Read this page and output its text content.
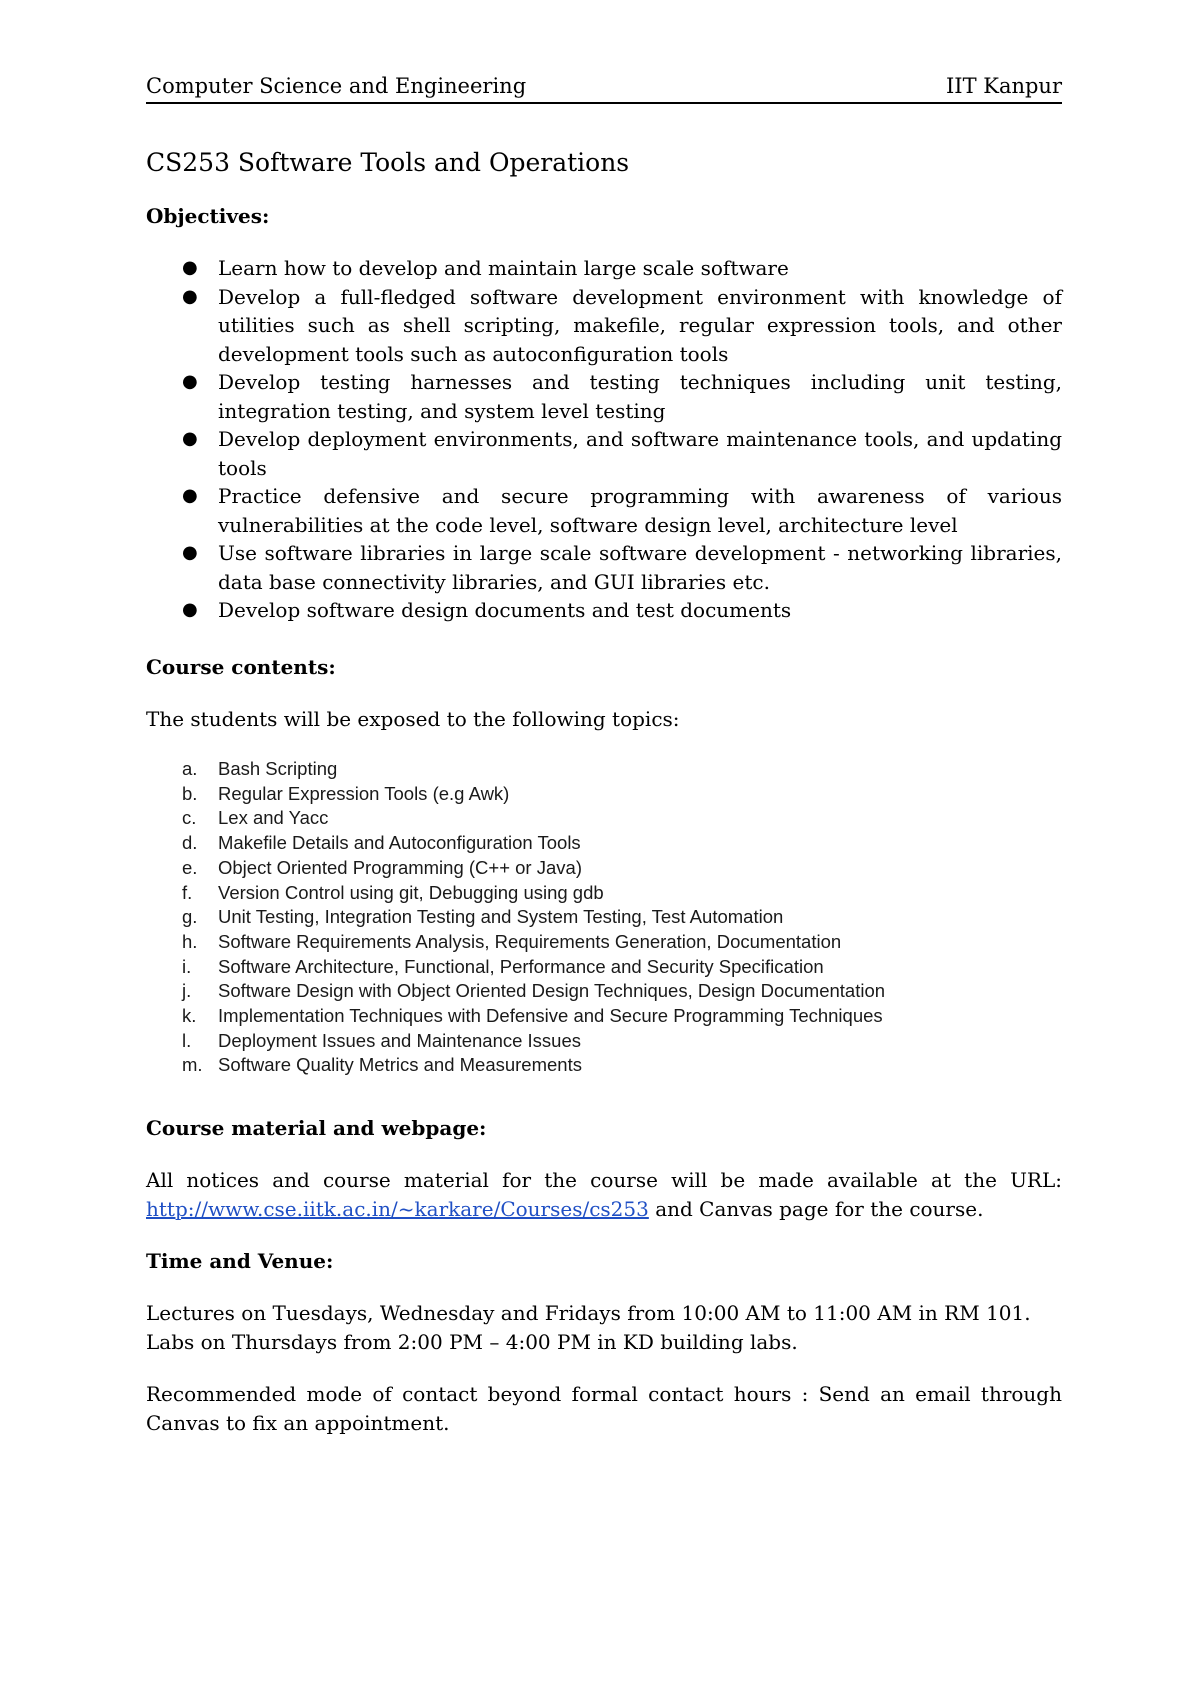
Computer Science and Engineering	IIT Kanpur
CS253 Software Tools and Operations
Objectives:
● Learn how to develop and maintain large scale software
● Develop a full-fledged software development environment with knowledge of utilities such as shell scripting, makefile, regular expression tools, and other development tools such as autoconfiguration tools
● Develop testing harnesses and testing techniques including unit testing, integration testing, and system level testing
● Develop deployment environments, and software maintenance tools, and updating tools
● Practice defensive and secure programming with awareness of various vulnerabilities at the code level, software design level, architecture level
● Use software libraries in large scale software development - networking libraries, data base connectivity libraries, and GUI libraries etc.
● Develop software design documents and test documents
Course contents:

The students will be exposed to the following topics:

a. Bash Scripting
b. Regular Expression Tools (e.g Awk)
c. Lex and Yacc
d. Makefile Details and Autoconfiguration Tools
e. Object Oriented Programming (C++ or Java)
f. Version Control using git, Debugging using gdb
g. Unit Testing, Integration Testing and System Testing, Test Automation
h. Software Requirements Analysis, Requirements Generation, Documentation
i. Software Architecture, Functional, Performance and Security Specification
j. Software Design with Object Oriented Design Techniques, Design Documentation
k. Implementation Techniques with Defensive and Secure Programming Techniques
l. Deployment Issues and Maintenance Issues
m. Software Quality Metrics and Measurements
Course material and webpage:

All notices and course material for the course will be made available at the URL: http://www.cse.iitk.ac.in/~karkare/Courses/cs253 and Canvas page for the course.

Time and Venue:

Lectures on Tuesdays, Wednesday and Fridays from 10:00 AM to 11:00 AM in RM 101.
Labs on Thursdays from 2:00 PM – 4:00 PM in KD building labs.

Recommended mode of contact beyond formal contact hours : Send an email through Canvas to fix an appointment.
